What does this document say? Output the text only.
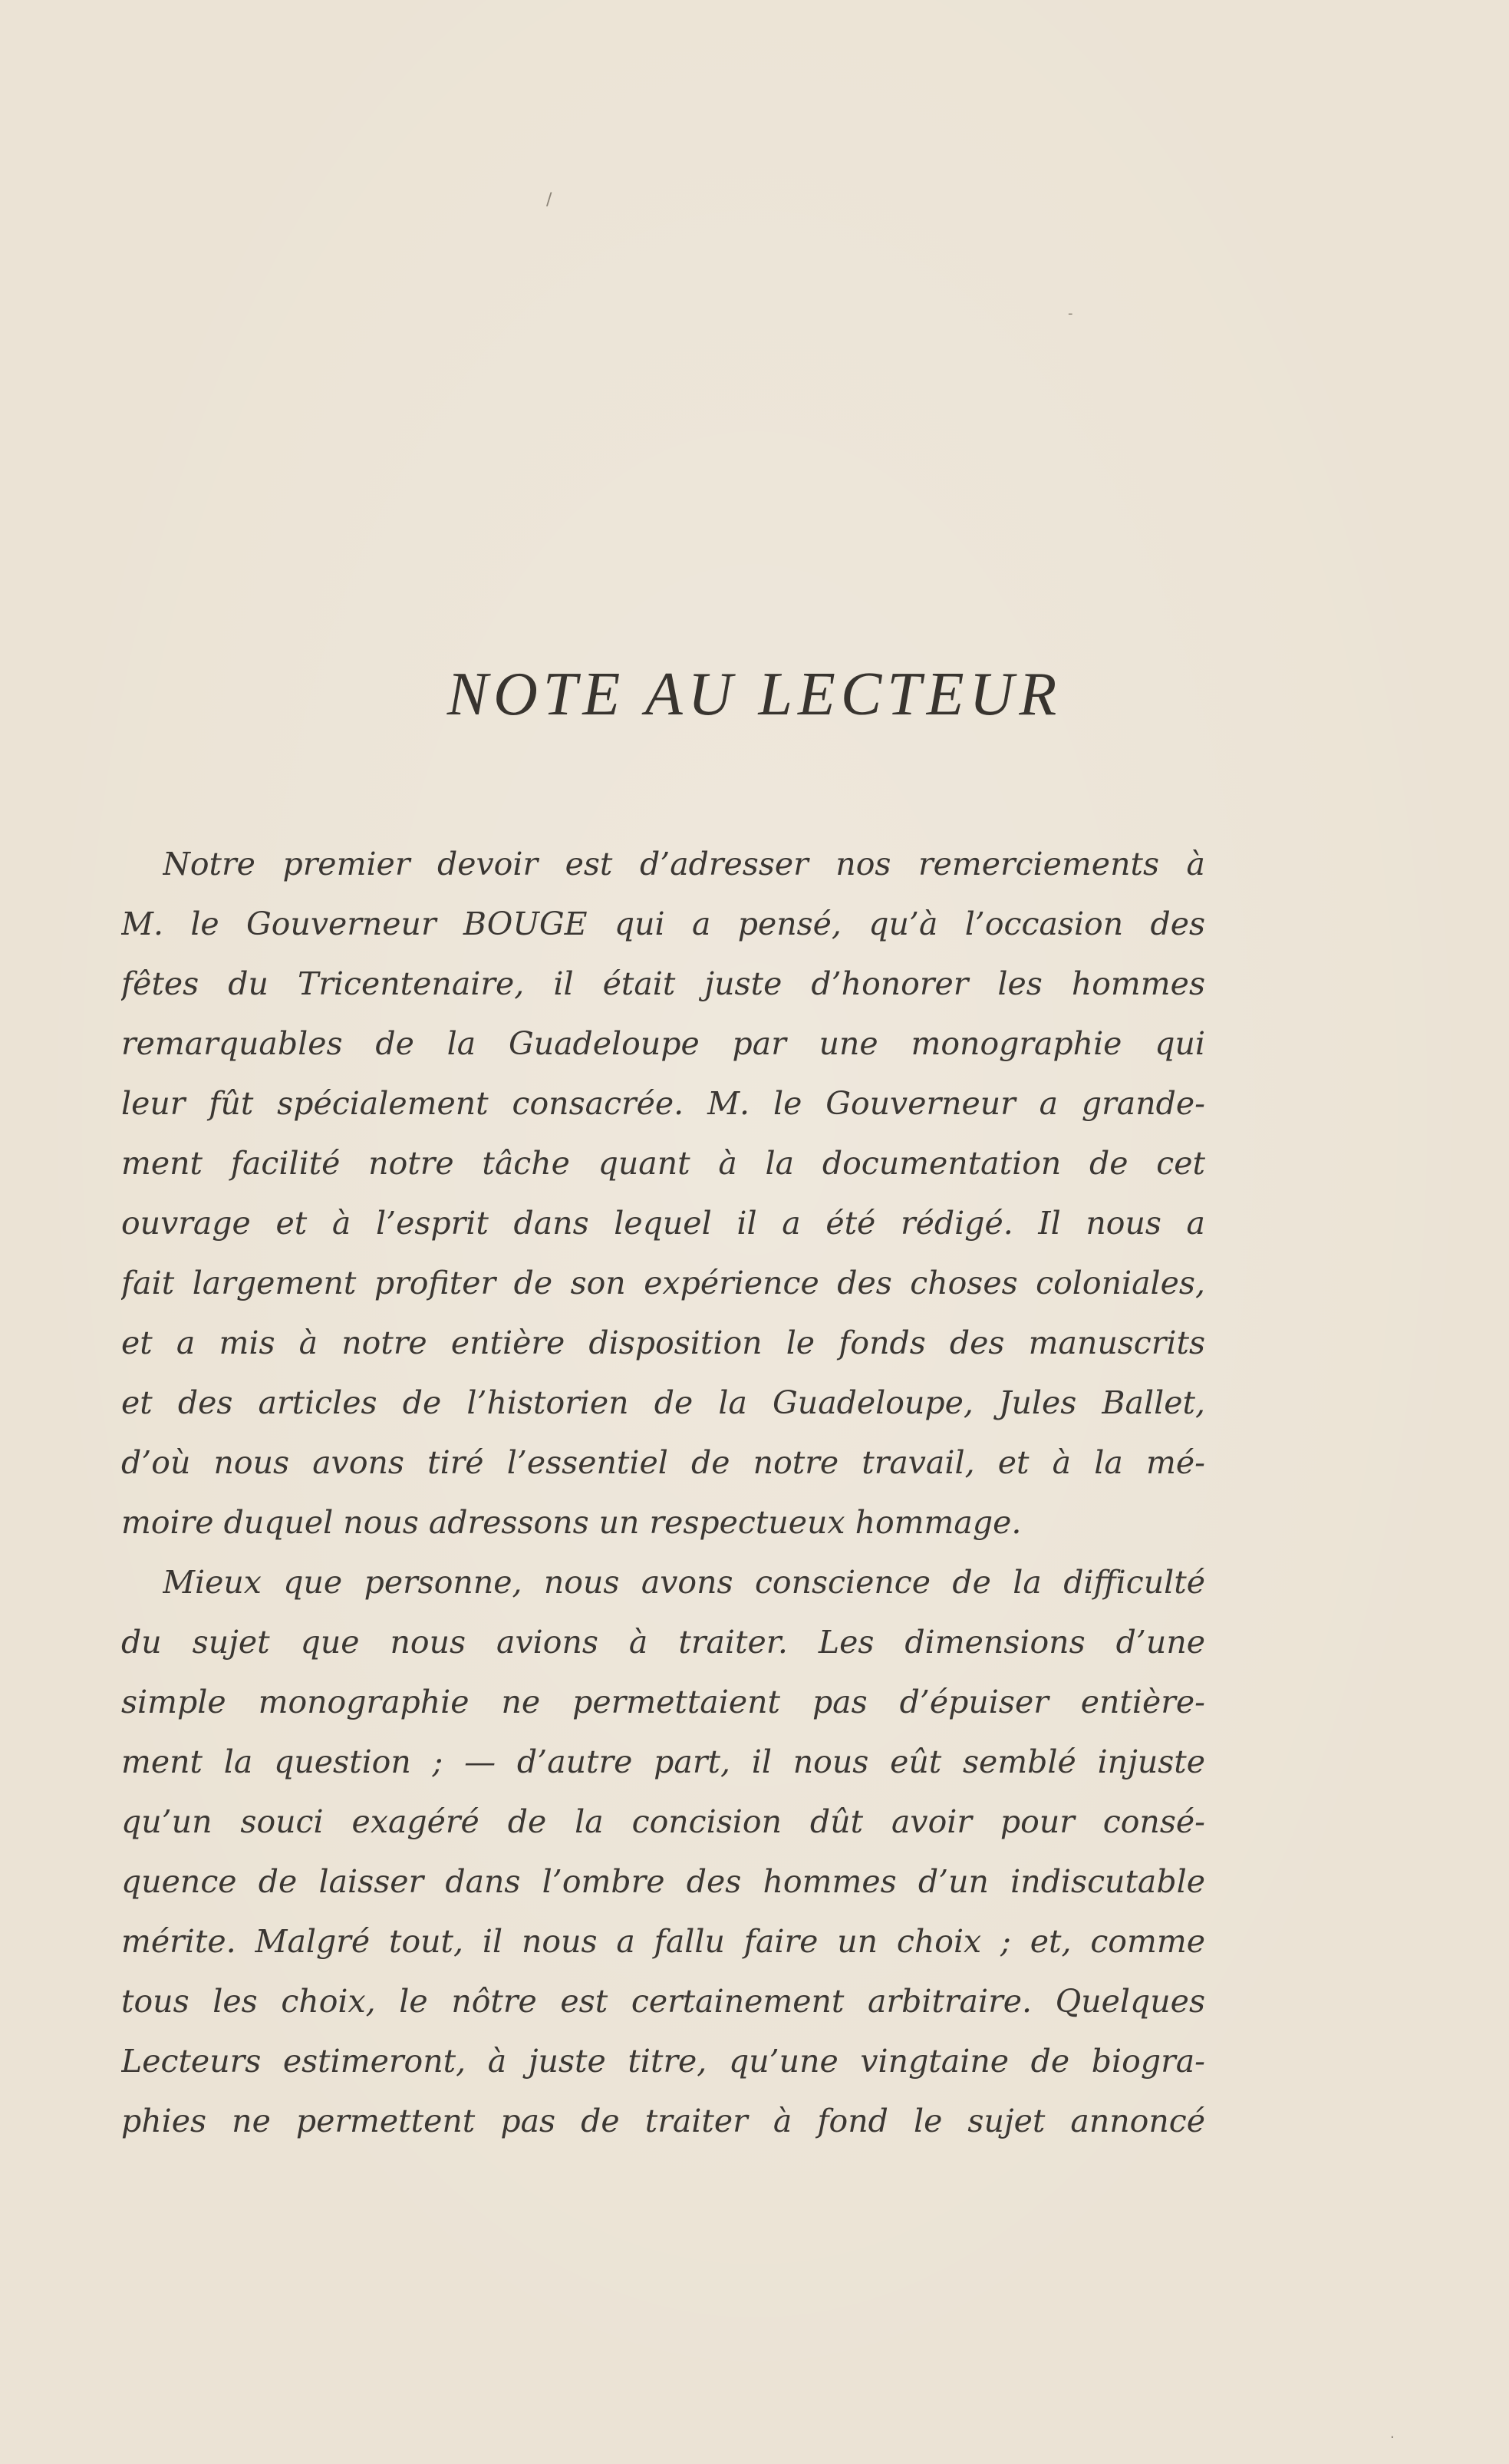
/
-
·
NOTE AU LECTEUR
Notre premier devoir est d’adresser nos remerciements à
M. le Gouverneur BOUGE qui a pensé, qu’à l’occasion des
fêtes du Tricentenaire, il était juste d’honorer les hommes
remarquables de la Guadeloupe par une monographie qui
leur fût spécialement consacrée. M. le Gouverneur a grande-
ment facilité notre tâche quant à la documentation de cet
ouvrage et à l’esprit dans lequel il a été rédigé. Il nous a
fait largement profiter de son expérience des choses coloniales,
et a mis à notre entière disposition le fonds des manuscrits
et des articles de l’historien de la Guadeloupe, Jules Ballet,
d’où nous avons tiré l’essentiel de notre travail, et à la mé-
moire duquel nous adressons un respectueux hommage.
Mieux que personne, nous avons conscience de la difficulté
du sujet que nous avions à traiter. Les dimensions d’une
simple monographie ne permettaient pas d’épuiser entière-
ment la question ; — d’autre part, il nous eût semblé injuste
qu’un souci exagéré de la concision dût avoir pour consé-
quence de laisser dans l’ombre des hommes d’un indiscutable
mérite. Malgré tout, il nous a fallu faire un choix ; et, comme
tous les choix, le nôtre est certainement arbitraire. Quelques
Lecteurs estimeront, à juste titre, qu’une vingtaine de biogra-
phies ne permettent pas de traiter à fond le sujet annoncé
